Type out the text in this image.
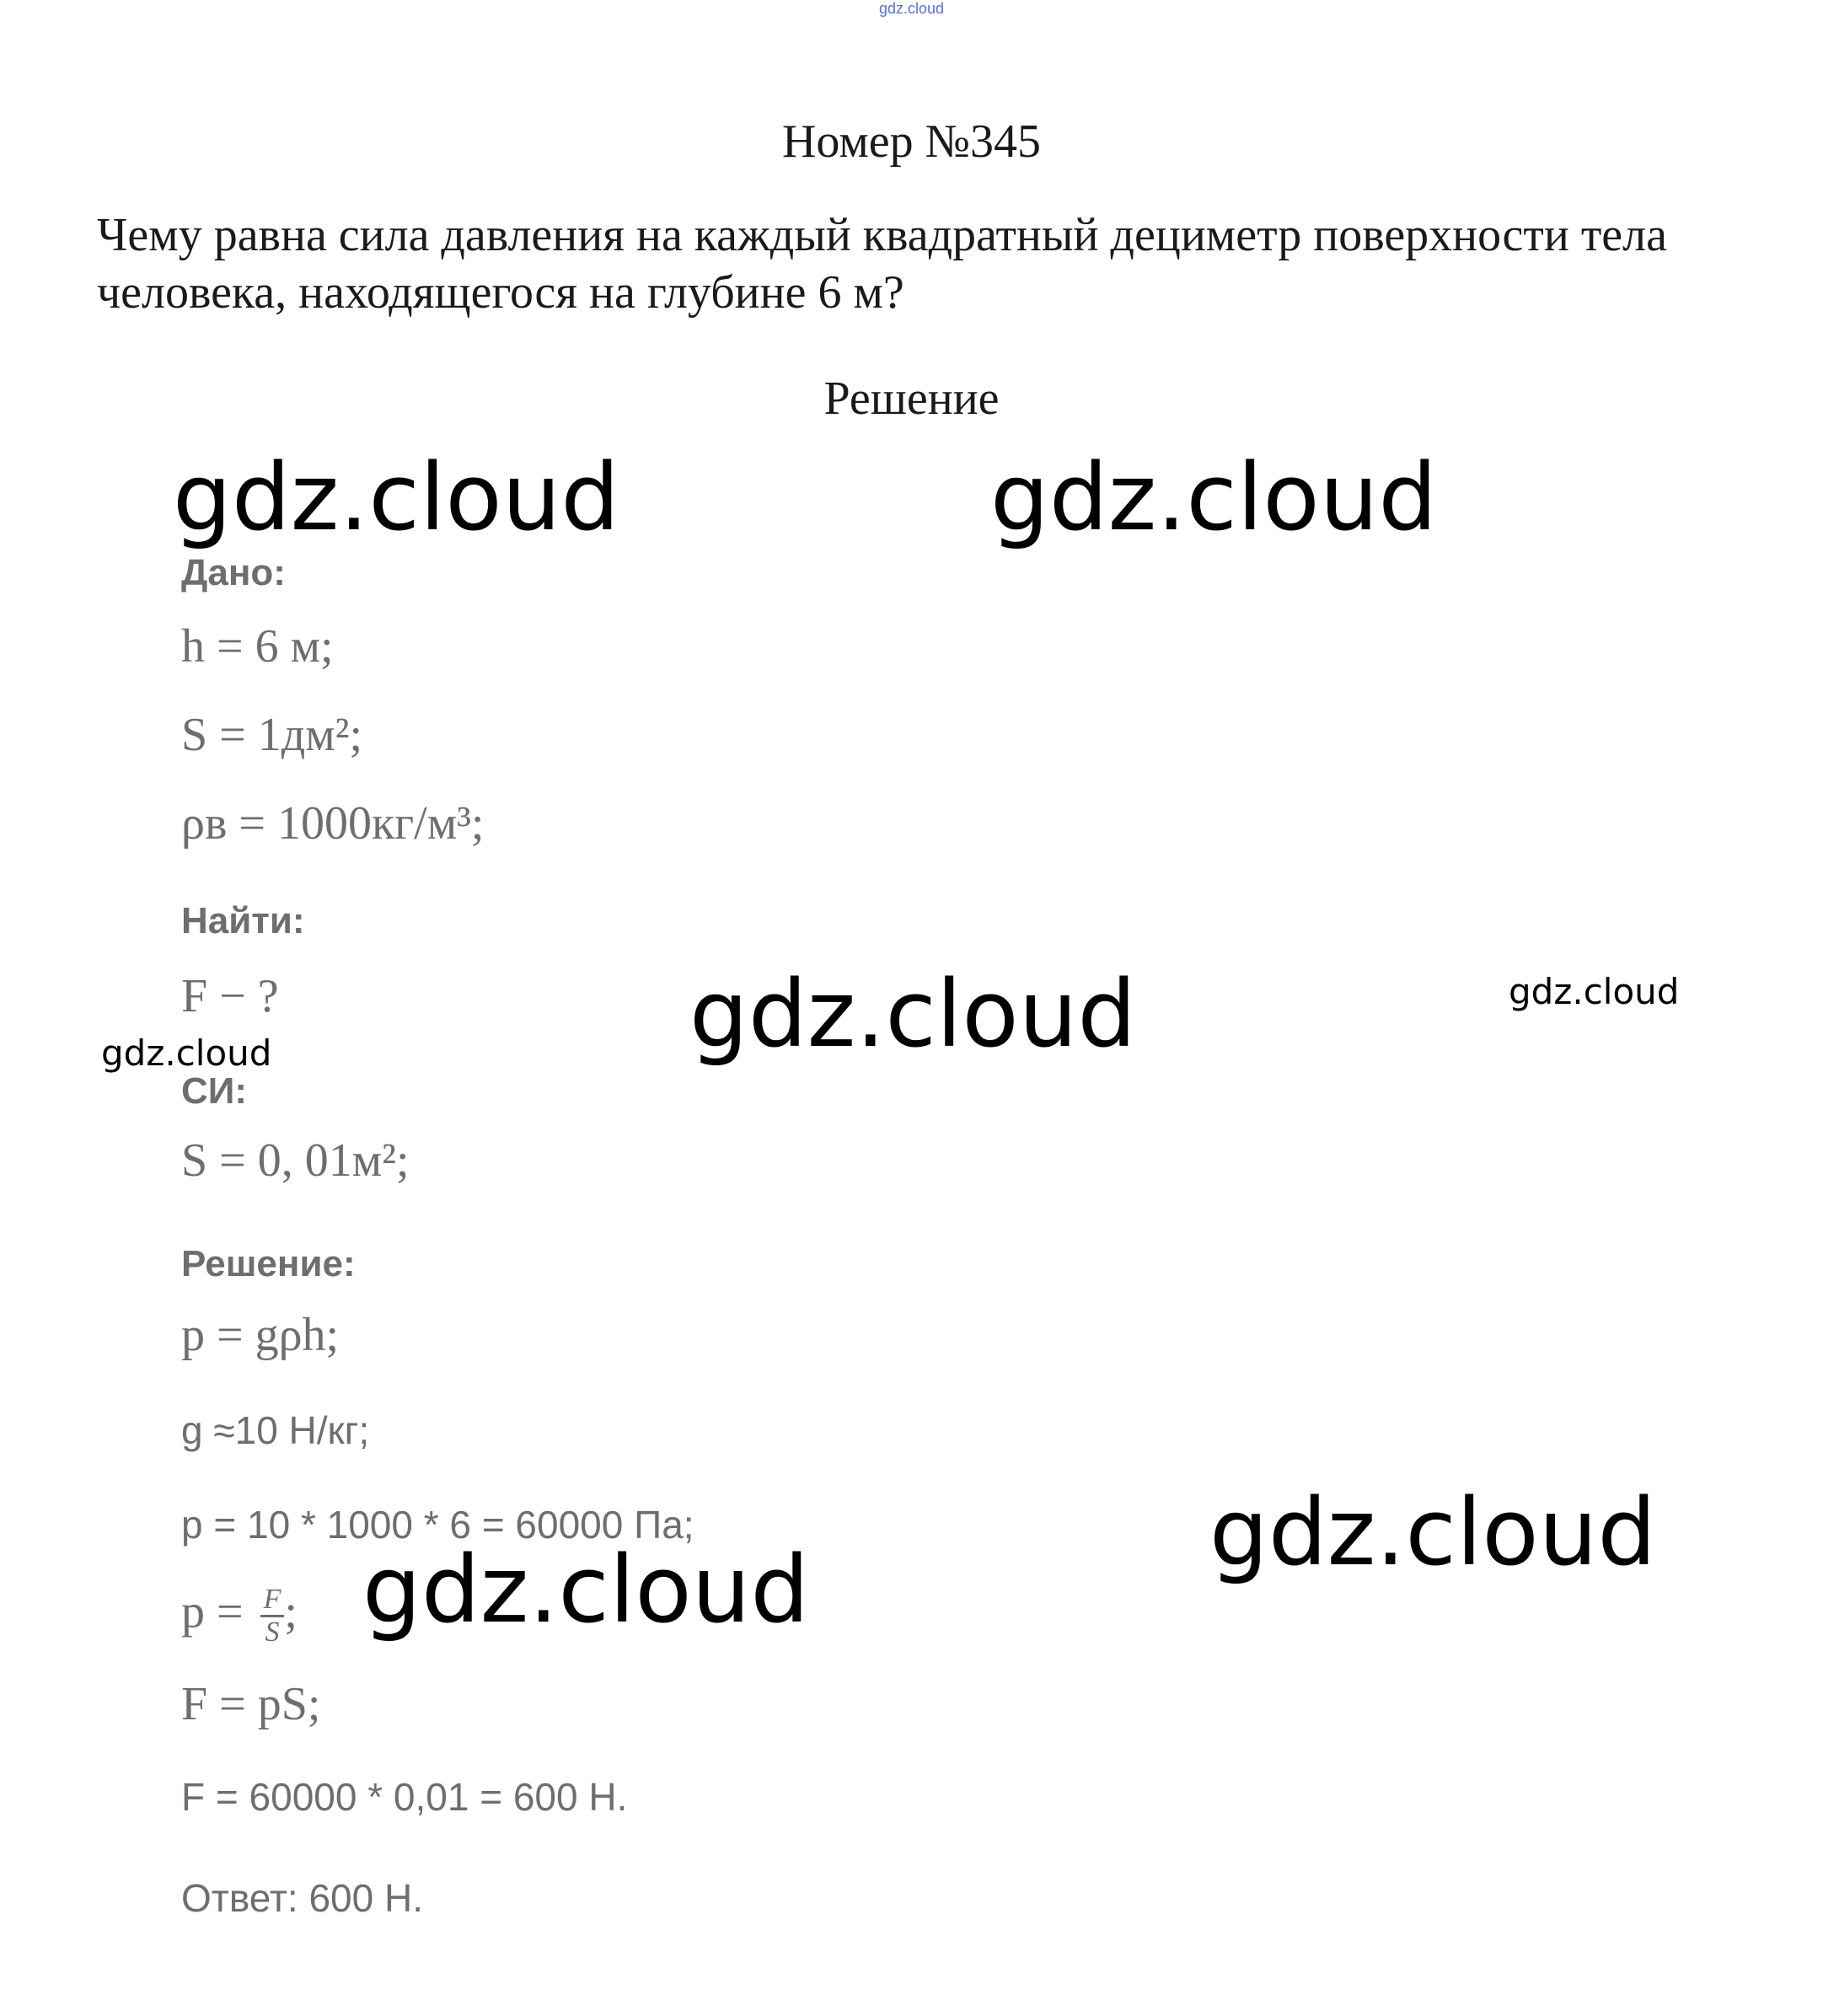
gdz.cloud
Номер №345
Чему равна сила давления на каждый квадратный дециметр поверхности тела человека, находящегося на глубине 6 м?
Решение
Дано:
h = 6 м;
S = 1дм²;
ρв = 1000кг/м³;
Найти:
F − ?
СИ:
S = 0, 01м²;
Решение:
p = gρh;
g ≈10 Н/кг;
p = 10 * 1000 * 6 = 60000 Па;
$p = \frac{F}{S}$ ;
F = pS;
F = 60000 * 0,01 = 600 Н.
Ответ: 600 Н.
gdz.cloud	gdz.cloud
gdz.cloud	gdz.cloud
gdz.cloud
gdz.cloud
gdz.cloud
